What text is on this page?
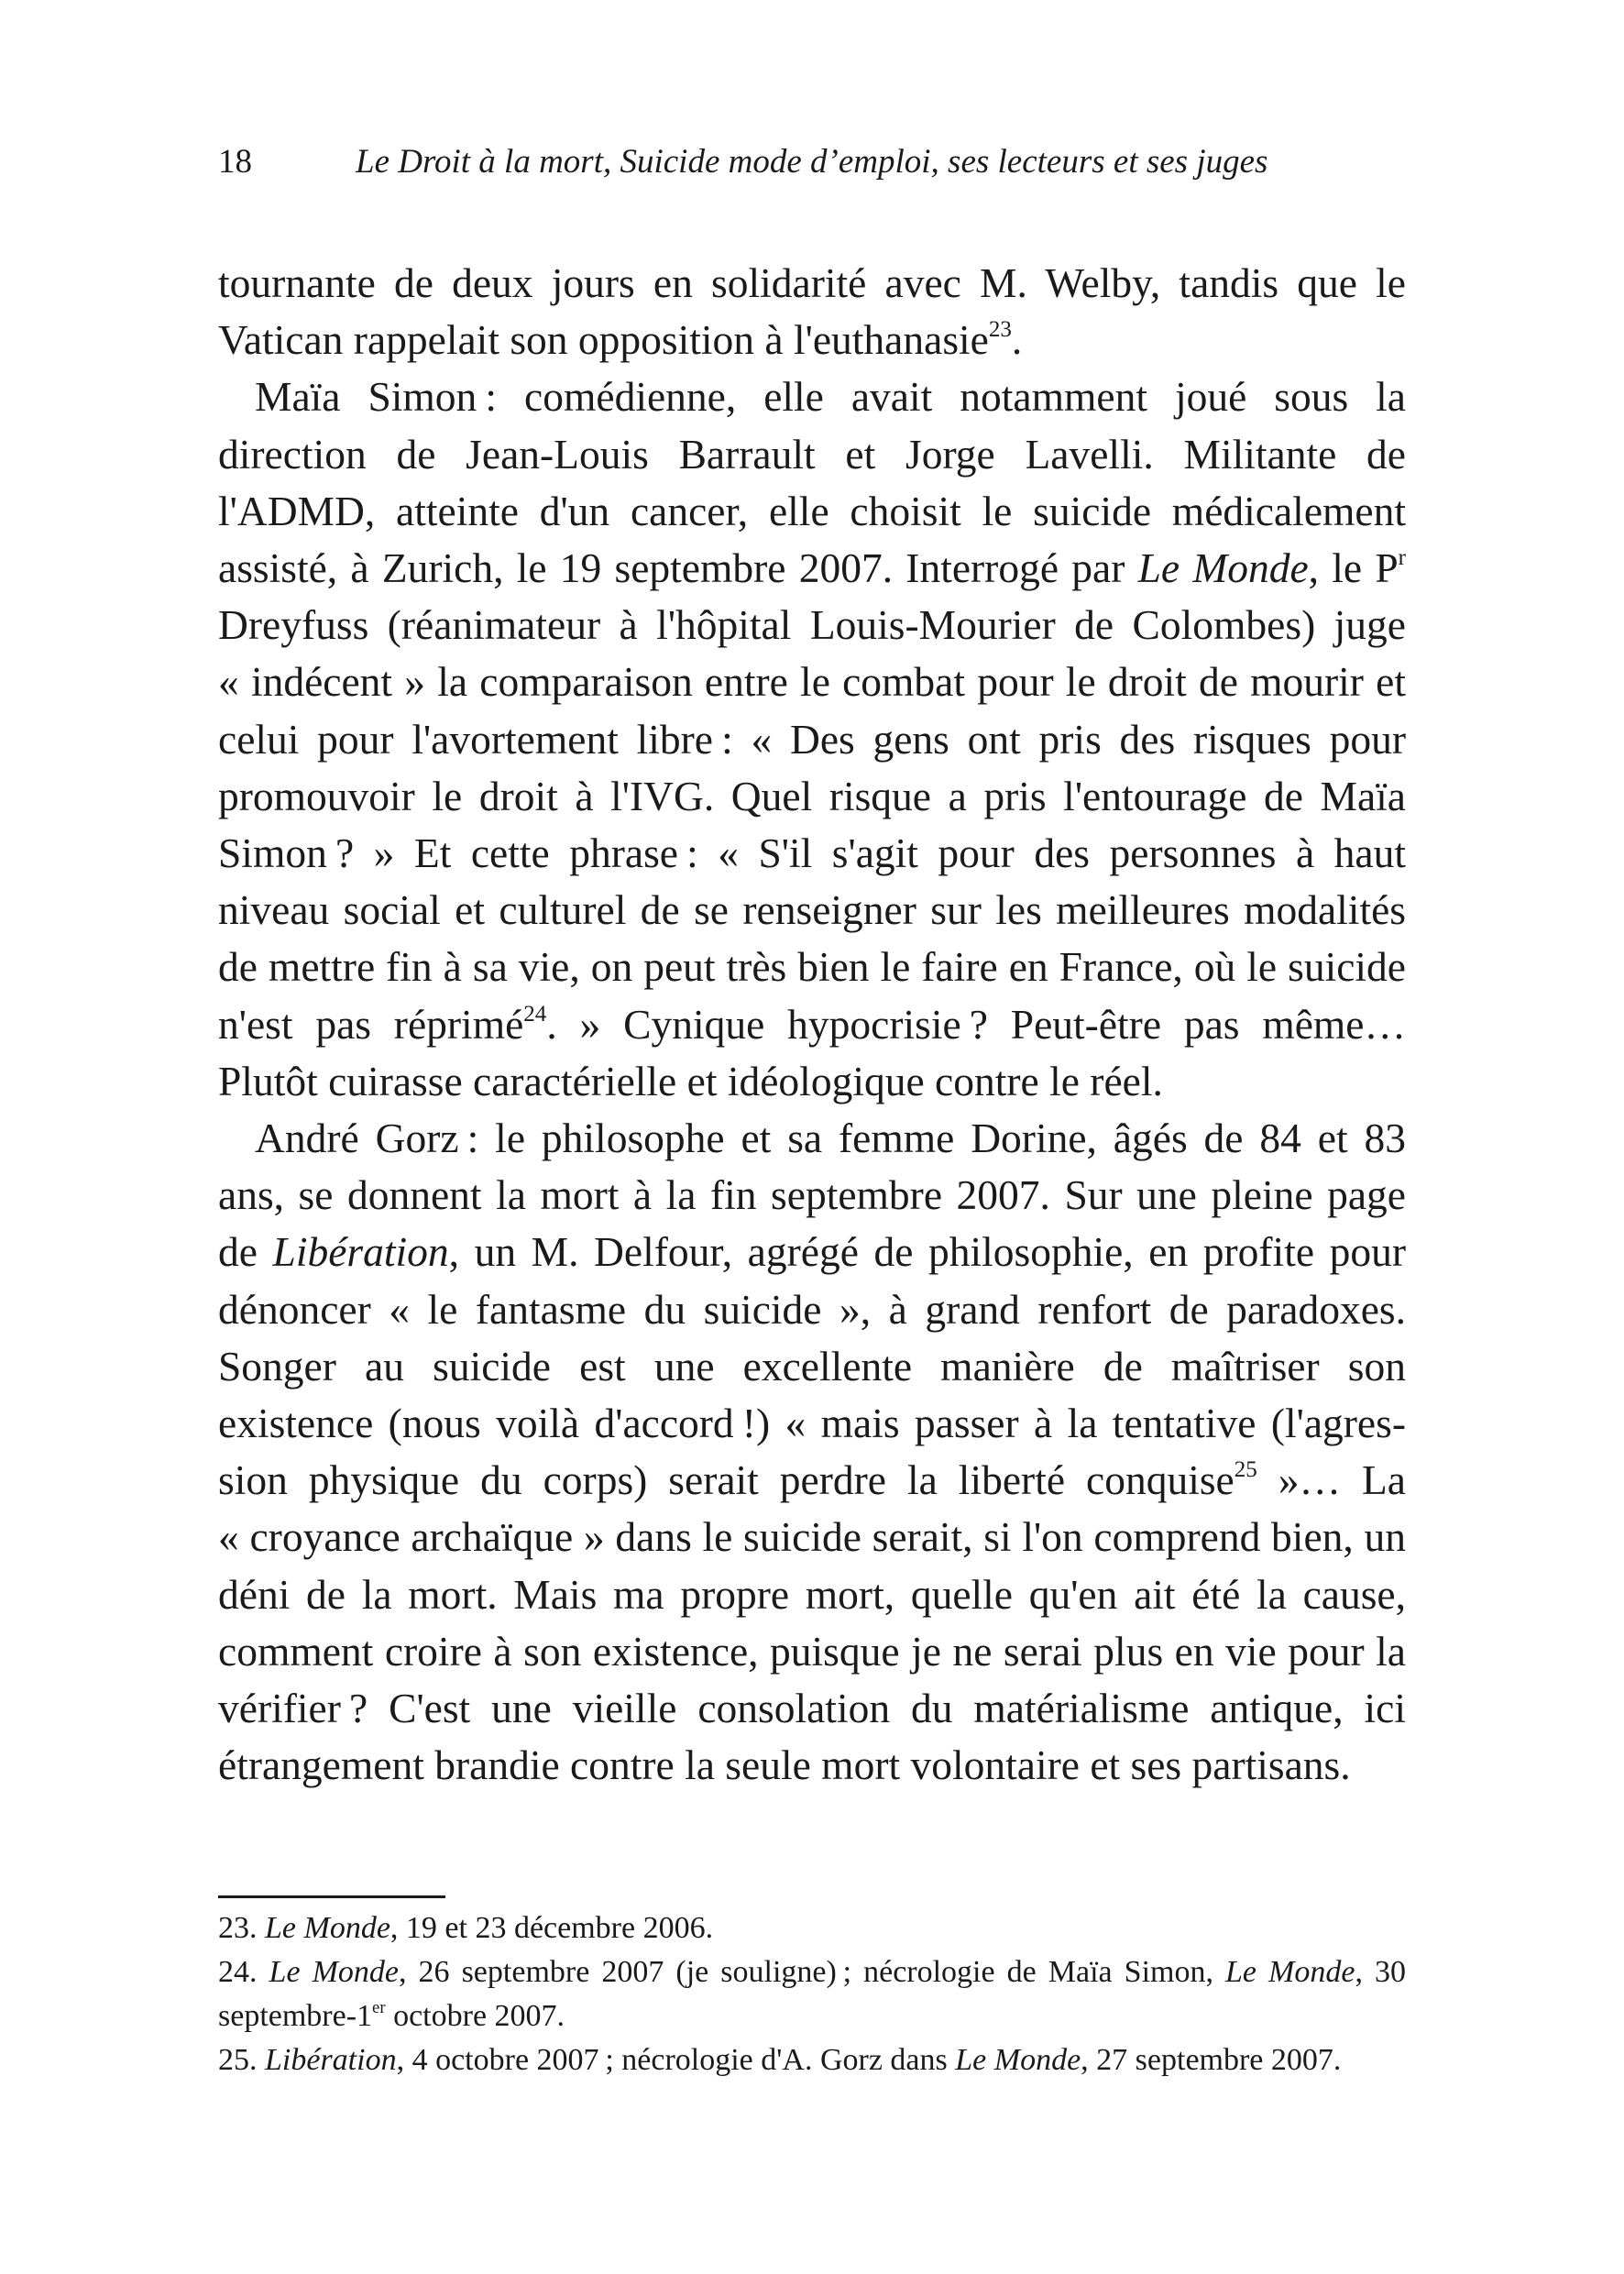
18	Le Droit à la mort, Suicide mode d’emploi, ses lecteurs et ses juges

tournante de deux jours en solidarité avec M. Welby, tandis que le Vatican rappelait son opposition à l'euthanasie$^{23}$.

Maïa Simon : comédienne, elle avait notamment joué sous la direction de Jean-Louis Barrault et Jorge Lavelli. Militante de l'ADMD, atteinte d'un cancer, elle choisit le suicide médicalement assisté, à Zurich, le 19 septembre 2007. Interrogé par Le Monde, le $P^r$ Dreyfuss (réanimateur à l'hôpital Louis-Mourier de Colombes) juge « indécent » la comparaison entre le combat pour le droit de mourir et celui pour l'avortement libre : « Des gens ont pris des risques pour promouvoir le droit à l'IVG. Quel risque a pris l'entourage de Maïa Simon ? » Et cette phrase : « S'il s'agit pour des personnes à haut niveau social et culturel de se renseigner sur les meilleures modalités de mettre fin à sa vie, on peut très bien le faire en France, où le suicide n'est pas réprimé$^{24}$. » Cynique hypocrisie ? Peut-être pas même… Plutôt cuirasse caractérielle et idéologique contre le réel.

André Gorz : le philosophe et sa femme Dorine, âgés de 84 et 83 ans, se donnent la mort à la fin septembre 2007. Sur une pleine page de Libération, un M. Delfour, agrégé de philosophie, en profite pour dénoncer « le fantasme du suicide », à grand renfort de paradoxes. Songer au suicide est une excellente manière de maîtriser son existence (nous voilà d'accord !) « mais passer à la tentative (l'agression physique du corps) serait perdre la liberté conquise$^{25}$ »… La « croyance archaïque » dans le suicide serait, si l'on comprend bien, un déni de la mort. Mais ma propre mort, quelle qu'en ait été la cause, comment croire à son existence, puisque je ne serai plus en vie pour la vérifier ? C'est une vieille consolation du matérialisme antique, ici étrangement brandie contre la seule mort volontaire et ses partisans.

23. Le Monde, 19 et 23 décembre 2006.

24. Le Monde, 26 septembre 2007 (je souligne) ; nécrologie de Maïa Simon, Le Monde, 30 septembre-1er octobre 2007.

25. Libération, 4 octobre 2007 ; nécrologie d'A. Gorz dans Le Monde, 27 septembre 2007.
